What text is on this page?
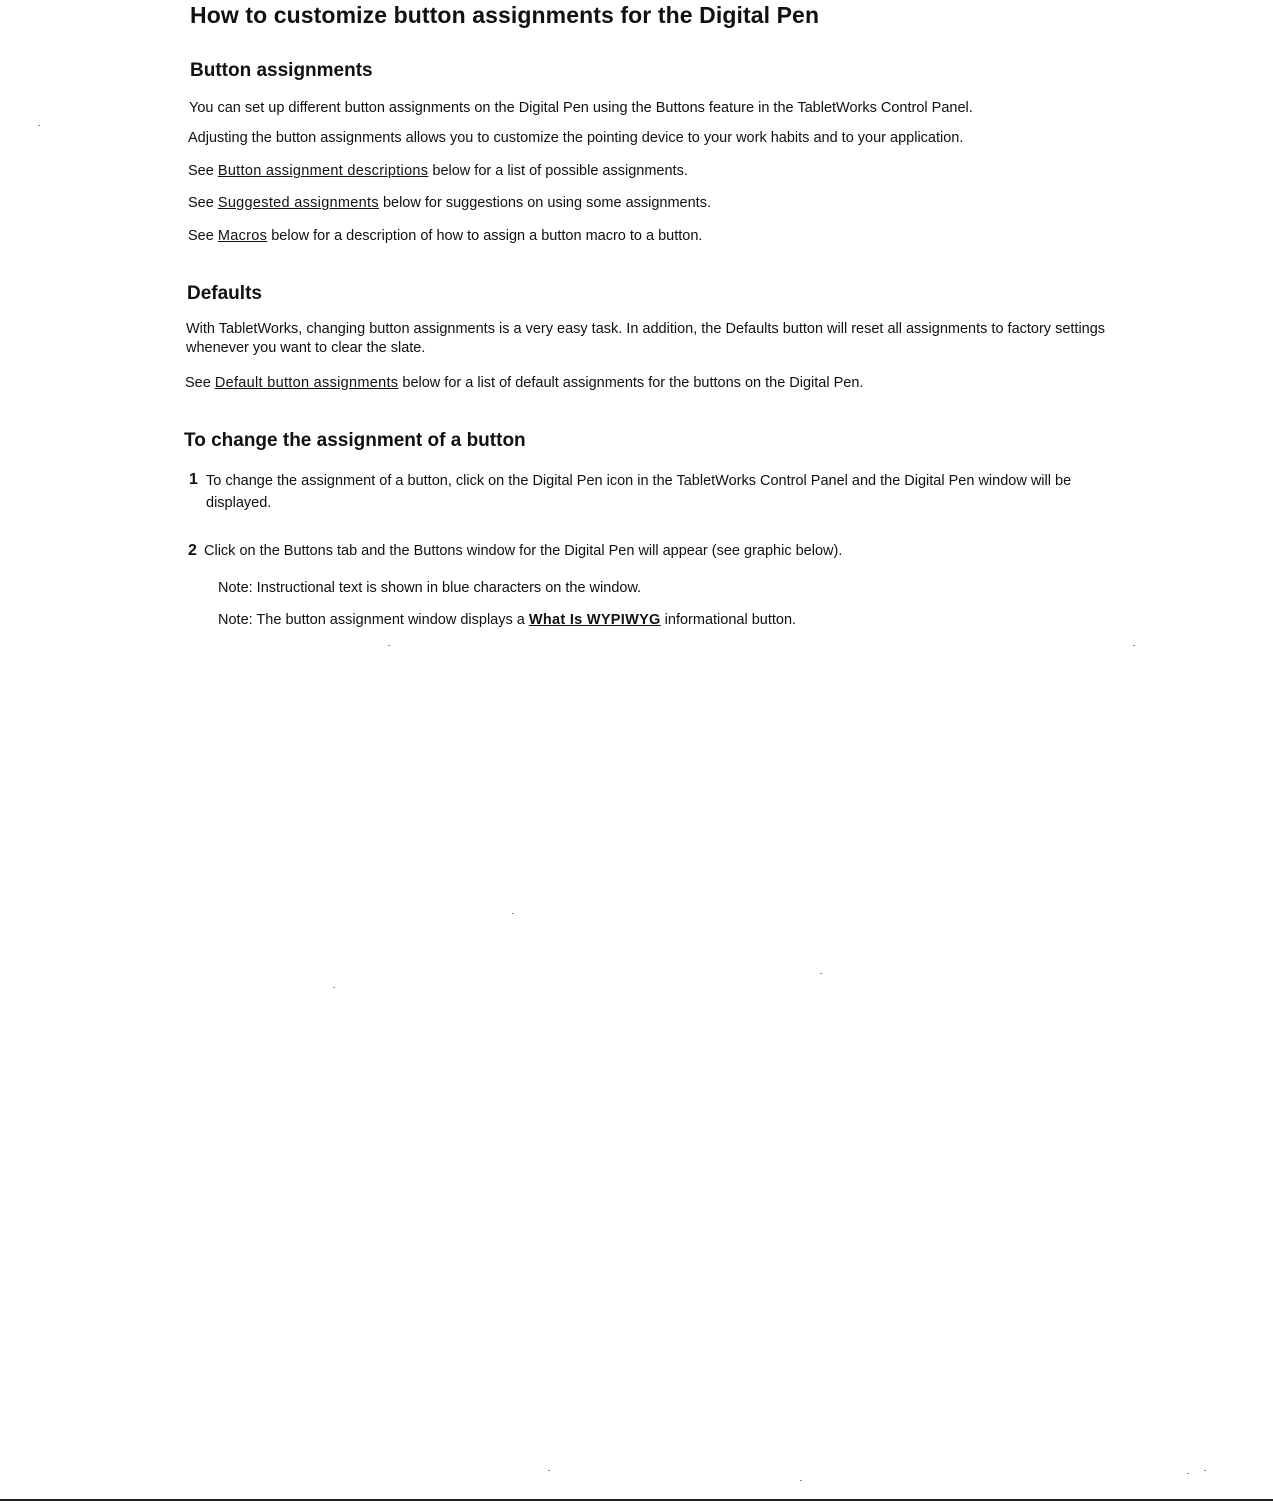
How to customize button assignments for the Digital Pen
Button assignments

You can set up different button assignments on the Digital Pen using the Buttons feature in the TabletWorks Control Panel.

Adjusting the button assignments allows you to customize the pointing device to your work habits and to your application.

See Button assignment descriptions below for a list of possible assignments.

See Suggested assignments below for suggestions on using some assignments.

See Macros below for a description of how to assign a button macro to a button.

Defaults

With TabletWorks, changing button assignments is a very easy task. In addition, the Defaults button will reset all assignments to factory settings whenever you want to clear the slate.

See Default button assignments below for a list of default assignments for the buttons on the Digital Pen.

To change the assignment of a button
1 To change the assignment of a button, click on the Digital Pen icon in the TabletWorks Control Panel and the Digital Pen window will be displayed.
2 Click on the Buttons tab and the Buttons window for the Digital Pen will appear (see graphic below).

Note: Instructional text is shown in blue characters on the window.

Note: The button assignment window displays a What Is WYPIWYG informational button.
